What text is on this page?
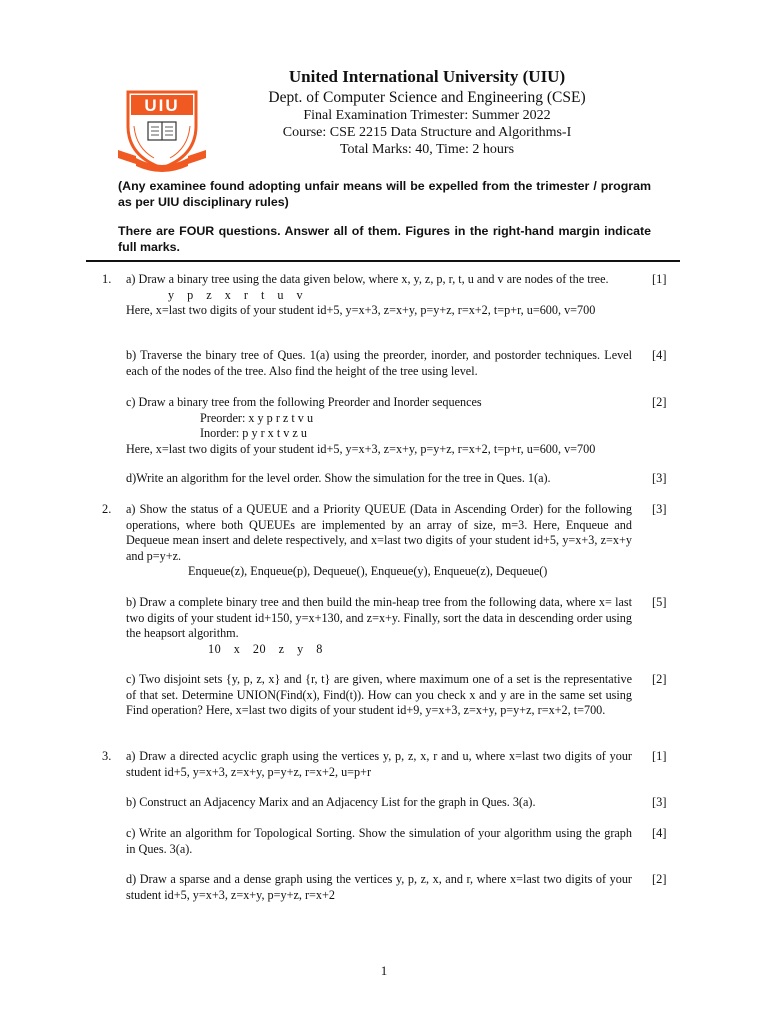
United International University (UIU)
Dept. of Computer Science and Engineering (CSE)
Final Examination Trimester: Summer 2022
Course: CSE 2215 Data Structure and Algorithms-I
Total Marks: 40, Time: 2 hours
UIU
(Any examinee found adopting unfair means will be expelled from the trimester / program as per UIU disciplinary rules)
There are FOUR questions. Answer all of them. Figures in the right-hand margin indicate full marks.
1. a) Draw a binary tree using the data given below, where x, y, z, p, r, t, u and v are nodes of the tree.

y p z x r t u v

Here, x=last two digits of your student id+5, y=x+3, z=x+y, p=y+z, r=x+2, t=p+r, u=600, v=700

[1]

b) Traverse the binary tree of Ques. 1(a) using the preorder, inorder, and postorder techniques. Level each of the nodes of the tree. Also find the height of the tree using level.

[4]

c) Draw a binary tree from the following Preorder and Inorder sequences

Preorder: x y p r z t v u

Inorder: p y r x t v z u

Here, x=last two digits of your student id+5, y=x+3, z=x+y, p=y+z, r=x+2, t=p+r, u=600, v=700

[2]

d)Write an algorithm for the level order. Show the simulation for the tree in Ques. 1(a).	[3]
2. a) Show the status of a QUEUE and a Priority QUEUE (Data in Ascending Order) for the following operations, where both QUEUEs are implemented by an array of size, m=3. Here, Enqueue and Dequeue mean insert and delete respectively, and x=last two digits of your student id+5, y=x+3, z=x+y and p=y+z.

Enqueue(z), Enqueue(p), Dequeue(), Enqueue(y), Enqueue(z), Dequeue()

[3]

b) Draw a complete binary tree and then build the min-heap tree from the following data, where x= last two digits of your student id+150, y=x+130, and z=x+y. Finally, sort the data in descending order using the heapsort algorithm.

10 x 20 z y 8

[5]

c) Two disjoint sets {y, p, z, x} and {r, t} are given, where maximum one of a set is the representative of that set. Determine UNION(Find(x), Find(t)). How can you check x and y are in the same set using Find operation? Here, x=last two digits of your student id+9, y=x+3, z=x+y, p=y+z, r=x+2, t=700.

[2]
3. a) Draw a directed acyclic graph using the vertices y, p, z, x, r and u, where x=last two digits of your student id+5, y=x+3, z=x+y, p=y+z, r=x+2, u=p+r

[1]

b) Construct an Adjacency Marix and an Adjacency List for the graph in Ques. 3(a).	[3]

c) Write an algorithm for Topological Sorting. Show the simulation of your algorithm using the graph in Ques. 3(a).

[4]

d) Draw a sparse and a dense graph using the vertices y, p, z, x, and r, where x=last two digits of your student id+5, y=x+3, z=x+y, p=y+z, r=x+2

[2]
1
